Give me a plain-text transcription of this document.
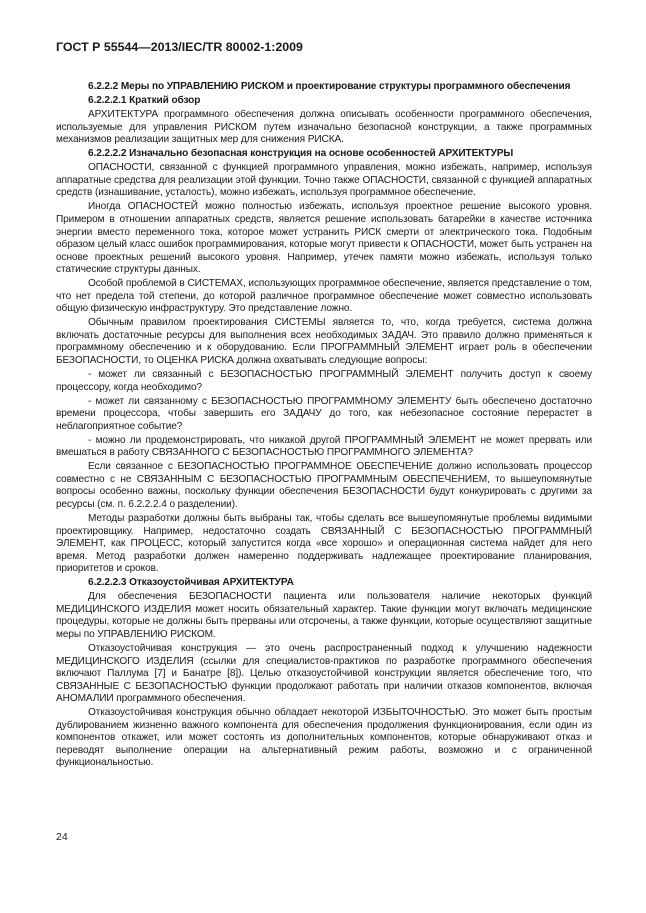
ГОСТ Р 55544—2013/IEC/TR 80002-1:2009

6.2.2.2 Меры по УПРАВЛЕНИЮ РИСКОМ и проектирование структуры программного обеспечения

6.2.2.2.1 Краткий обзор

АРХИТЕКТУРА программного обеспечения должна описывать особенности программного обеспечения, используемые для управления РИСКОМ путем изначально безопасной конструкции, а также программных механизмов реализации защитных мер для снижения РИСКА.

6.2.2.2.2 Изначально безопасная конструкция на основе особенностей АРХИТЕКТУРЫ

ОПАСНОСТИ, связанной с функцией программного управления, можно избежать, например, используя аппаратные средства для реализации этой функции. Точно также ОПАСНОСТИ, связанной с функцией аппаратных средств (изнашивание, усталость), можно избежать, используя программное обеспечение.

Иногда ОПАСНОСТЕЙ можно полностью избежать, используя проектное решение высокого уровня. Примером в отношении аппаратных средств, является решение использовать батарейки в качестве источника энергии вместо переменного тока, которое может устранить РИСК смерти от электрического тока. Подобным образом целый класс ошибок программирования, которые могут привести к ОПАСНОСТИ, может быть устранен на основе проектных решений высокого уровня. Например, утечек памяти можно избежать, используя только статические структуры данных.

Особой проблемой в СИСТЕМАХ, использующих программное обеспечение, является представление о том, что нет предела той степени, до которой различное программное обеспечение может совместно использовать общую физическую инфраструктуру. Это представление ложно.

Обычным правилом проектирования СИСТЕМЫ является то, что, когда требуется, система должна включать достаточные ресурсы для выполнения всех необходимых ЗАДАЧ. Это правило должно применяться к программному обеспечению и к оборудованию. Если ПРОГРАММНЫЙ ЭЛЕМЕНТ играет роль в обеспечении БЕЗОПАСНОСТИ, то ОЦЕНКА РИСКА должна охватывать следующие вопросы:

- может ли связанный с БЕЗОПАСНОСТЬЮ ПРОГРАММНЫЙ ЭЛЕМЕНТ получить доступ к своему процессору, когда необходимо?

- может ли связанному с БЕЗОПАСНОСТЬЮ ПРОГРАММНОМУ ЭЛЕМЕНТУ быть обеспечено достаточно времени процессора, чтобы завершить его ЗАДАЧУ до того, как небезопасное состояние перерастет в неблагоприятное событие?

- можно ли продемонстрировать, что никакой другой ПРОГРАММНЫЙ ЭЛЕМЕНТ не может прервать или вмешаться в работу СВЯЗАННОГО С БЕЗОПАСНОСТЬЮ ПРОГРАММНОГО ЭЛЕМЕНТА?

Если связанное с БЕЗОПАСНОСТЬЮ ПРОГРАММНОЕ ОБЕСПЕЧЕНИЕ должно использовать процессор совместно с не СВЯЗАННЫМ С БЕЗОПАСНОСТЬЮ ПРОГРАММНЫМ ОБЕСПЕЧЕНИЕМ, то вышеупомянутые вопросы особенно важны, поскольку функции обеспечения БЕЗОПАСНОСТИ будут конкурировать с другими за ресурсы (см. п. 6.2.2.2.4 о разделении).

Методы разработки должны быть выбраны так, чтобы сделать все вышеупомянутые проблемы видимыми проектировщику. Например, недостаточно создать СВЯЗАННЫЙ С БЕЗОПАСНОСТЬЮ ПРОГРАММНЫЙ ЭЛЕМЕНТ, как ПРОЦЕСС, который запустится когда «все хорошо» и операционная система найдет для него время. Метод разработки должен намеренно поддерживать надлежащее проектирование планирования, приоритетов и сроков.

6.2.2.2.3 Отказоустойчивая АРХИТЕКТУРА

Для обеспечения БЕЗОПАСНОСТИ пациента или пользователя наличие некоторых функций МЕДИЦИНСКОГО ИЗДЕЛИЯ может носить обязательный характер. Такие функции могут включать медицинские процедуры, которые не должны быть прерваны или отсрочены, а также функции, которые осуществляют защитные меры по УПРАВЛЕНИЮ РИСКОМ.

Отказоустойчивая конструкция — это очень распространенный подход к улучшению надежности МЕДИЦИНСКОГО ИЗДЕЛИЯ (ссылки для специалистов-практиков по разработке программного обеспечения включают Паллума [7] и Банатре [8]). Целью отказоустойчивой конструкции является обеспечение того, что СВЯЗАННЫЕ С БЕЗОПАСНОСТЬЮ функции продолжают работать при наличии отказов компонентов, включая АНОМАЛИИ программного обеспечения.

Отказоустойчивая конструкция обычно обладает некоторой ИЗБЫТОЧНОСТЬЮ. Это может быть простым дублированием жизненно важного компонента для обеспечения продолжения функционирования, если один из компонентов откажет, или может состоять из дополнительных компонентов, которые обнаруживают отказ и переводят выполнение операции на альтернативный режим работы, возможно и с ограниченной функциональностью.

24
